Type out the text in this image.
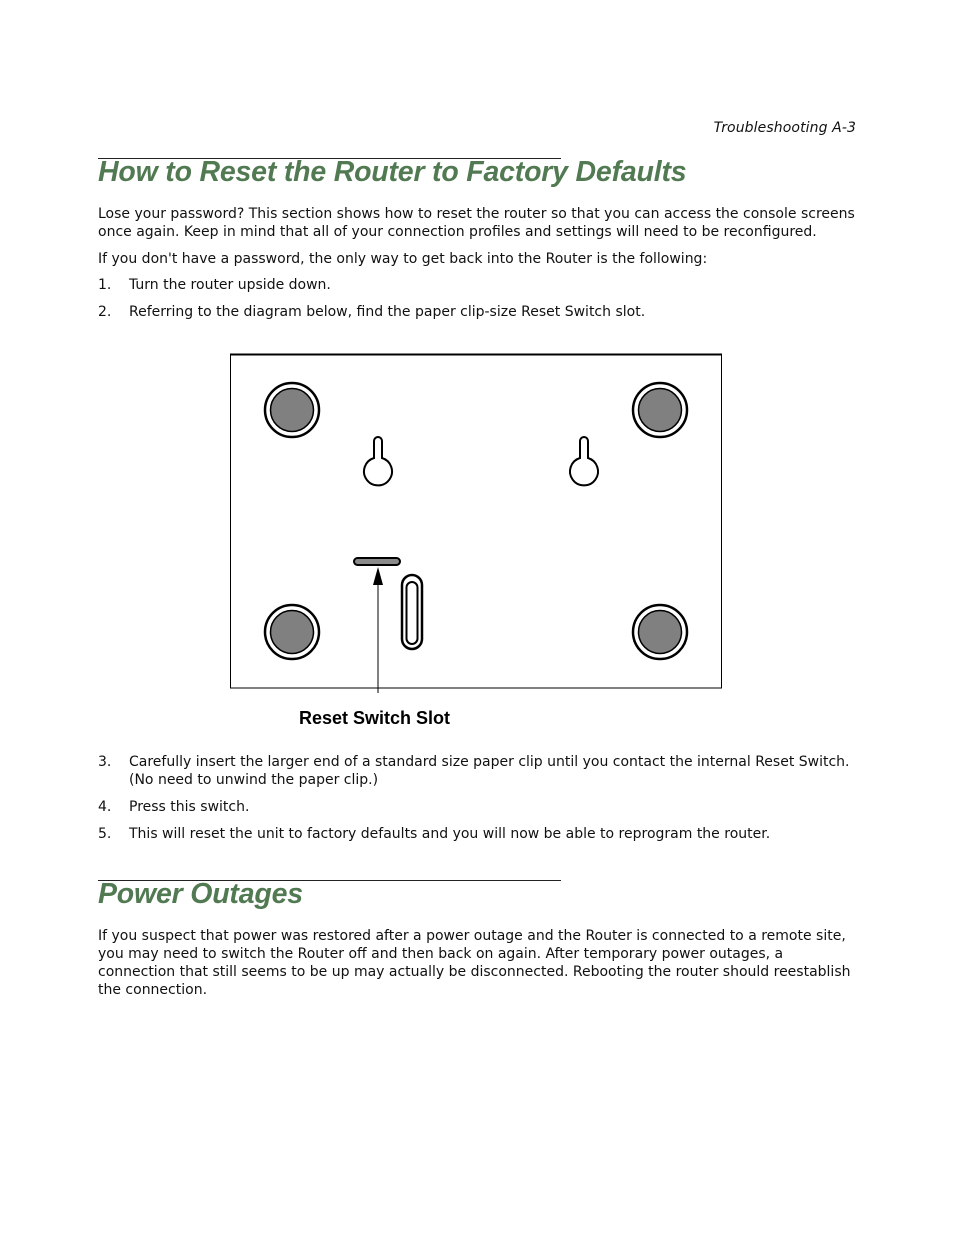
Troubleshooting A-3
How to Reset the Router to Factory Defaults

Lose your password? This section shows how to reset the router so that you can access the console screens once again. Keep in mind that all of your connection profiles and settings will need to be reconfigured.

If you don't have a password, the only way to get back into the Router is the following:

1. Turn the router upside down.
2. Referring to the diagram below, find the paper clip-size Reset Switch slot.
Reset Switch Slot
3. Carefully insert the larger end of a standard size paper clip until you contact the internal Reset Switch. (No need to unwind the paper clip.)
4. Press this switch.
5. This will reset the unit to factory defaults and you will now be able to reprogram the router.
Power Outages

If you suspect that power was restored after a power outage and the Router is connected to a remote site, you may need to switch the Router off and then back on again. After temporary power outages, a connection that still seems to be up may actually be disconnected. Rebooting the router should reestablish the connection.
